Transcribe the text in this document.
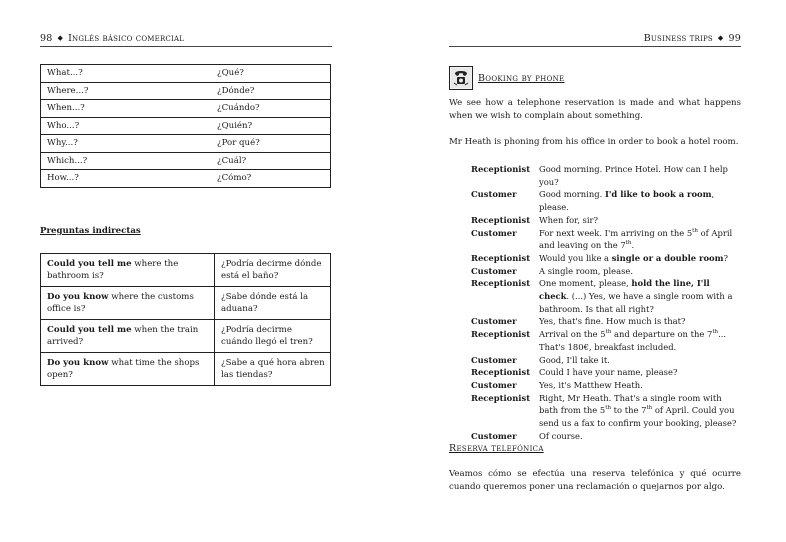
98 ◆ Inglés básico comercial
What...?	¿Qué?
Where...?	¿Dónde?
When...?	¿Cuándo?
Who...?	¿Quién?
Why...?	¿Por qué?
Which...?	¿Cuál?
How...?	¿Cómo?
Preguntas indirectas
Could you tell me where the bathroom is?	¿Podría decirme dónde está el baño?
Do you know where the customs office is?	¿Sabe dónde está la aduana?
Could you tell me when the train arrived?	¿Podría decirme cuándo llegó el tren?
Do you know what time the shops open?	¿Sabe a qué hora abren las tiendas?
Business trips ◆ 99
Booking by phone
We see how a telephone reservation is made and what happens when we wish to complain about something.
Mr Heath is phoning from his office in order to book a hotel room.
Receptionist	Good morning. Prince Hotel. How can I help you?
Customer	Good morning. I'd like to book a room, please.
Receptionist	When for, sir?
Customer	For next week. I'm arriving on the 5th of April and leaving on the 7th.
Receptionist	Would you like a single or a double room?
Customer	A single room, please.
Receptionist	One moment, please, hold the line, I'll check. (...) Yes, we have a single room with a bathroom. Is that all right?
Customer	Yes, that's fine. How much is that?
Receptionist	Arrival on the 5th and departure on the 7th... That's 180€, breakfast included.
Customer	Good, I'll take it.
Receptionist	Could I have your name, please?
Customer	Yes, it's Matthew Heath.
Receptionist	Right, Mr Heath. That's a single room with bath from the 5th to the 7th of April. Could you send us a fax to confirm your booking, please?
Customer	Of course.
Reserva telefónica
Veamos cómo se efectúa una reserva telefónica y qué ocurre cuando queremos poner una reclamación o quejarnos por algo.
